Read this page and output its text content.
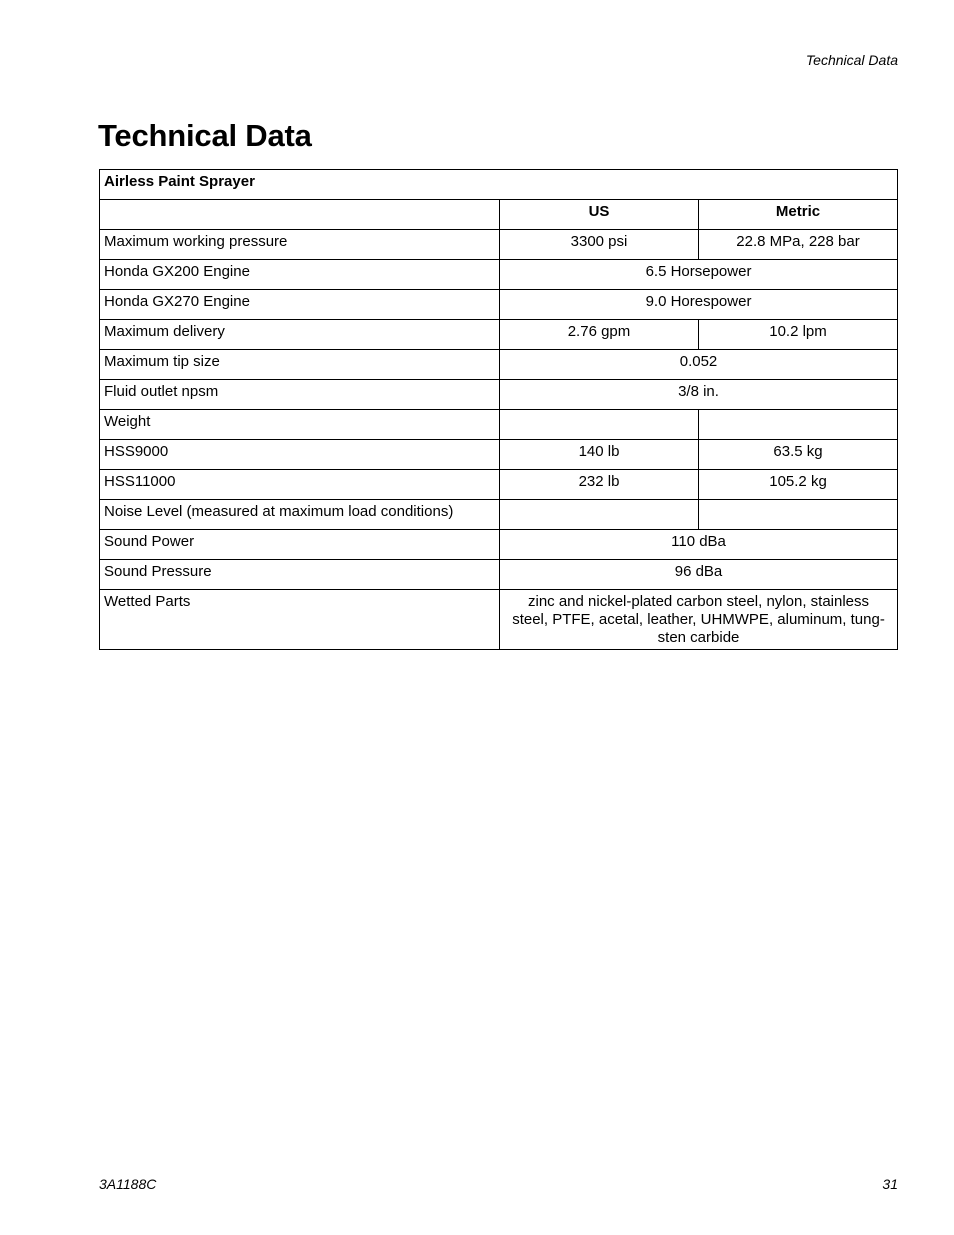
Technical Data
Technical Data
Airless Paint Sprayer		
	US	Metric
Maximum working pressure	3300 psi	22.8 MPa, 228 bar
Honda GX200 Engine	6.5 Horsepower	
Honda GX270 Engine	9.0 Horespower	
Maximum delivery	2.76 gpm	10.2 lpm
Maximum tip size	0.052	
Fluid outlet npsm	3/8 in.	
Weight		
HSS9000	140 lb	63.5 kg
HSS11000	232 lb	105.2 kg
Noise Level (measured at maximum load conditions)		
Sound Power	110 dBa	
Sound Pressure	96 dBa	
Wetted Parts	zinc and nickel-plated carbon steel, nylon, stainless
steel, PTFE, acetal, leather, UHMWPE, aluminum, tung-
sten carbide	
3A1188C	31
